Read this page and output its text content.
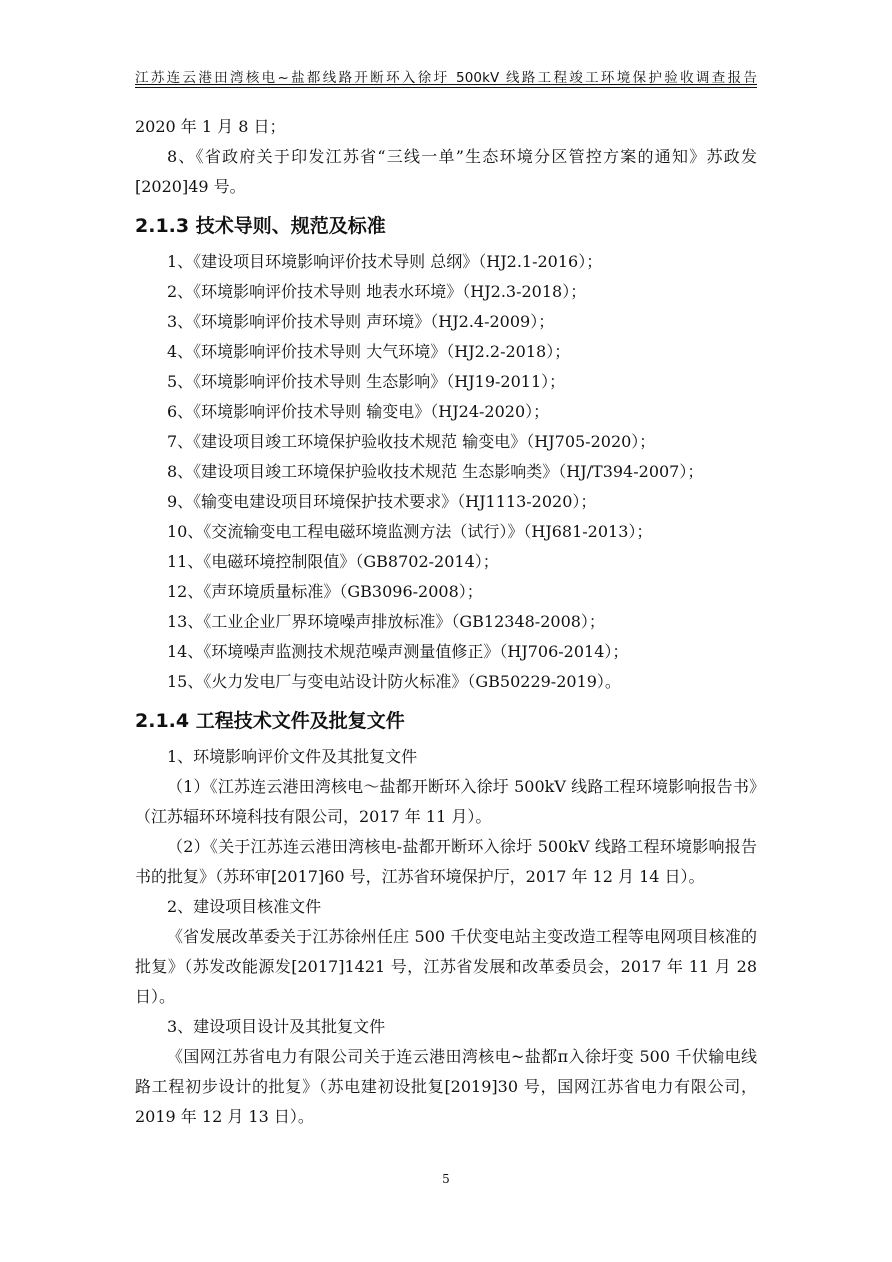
江苏连云港田湾核电~盐都线路开断环入徐圩 500kV 线路工程竣工环境保护验收调查报告

2020 年 1 月 8 日；

8、《省政府关于印发江苏省“三线一单”生态环境分区管控方案的通知》苏政发[2020]49 号。

2.1.3 技术导则、规范及标准

1、《建设项目环境影响评价技术导则 总纲》（HJ2.1-2016）；

2、《环境影响评价技术导则 地表水环境》（HJ2.3-2018）；

3、《环境影响评价技术导则 声环境》（HJ2.4-2009）；

4、《环境影响评价技术导则 大气环境》（HJ2.2-2018）；

5、《环境影响评价技术导则 生态影响》（HJ19-2011）；

6、《环境影响评价技术导则 输变电》（HJ24-2020）；

7、《建设项目竣工环境保护验收技术规范 输变电》（HJ705-2020）；

8、《建设项目竣工环境保护验收技术规范 生态影响类》（HJ/T394-2007）；

9、《输变电建设项目环境保护技术要求》（HJ1113-2020）；

10、《交流输变电工程电磁环境监测方法（试行）》（HJ681-2013）；

11、《电磁环境控制限值》（GB8702-2014）；

12、《声环境质量标准》（GB3096-2008）；

13、《工业企业厂界环境噪声排放标准》（GB12348-2008）；

14、《环境噪声监测技术规范噪声测量值修正》（HJ706-2014）；

15、《火力发电厂与变电站设计防火标准》（GB50229-2019）。

2.1.4 工程技术文件及批复文件

1、环境影响评价文件及其批复文件

（1）《江苏连云港田湾核电～盐都开断环入徐圩 500kV 线路工程环境影响报告书》（江苏辐环环境科技有限公司，2017 年 11 月）。

（2）《关于江苏连云港田湾核电-盐都开断环入徐圩 500kV 线路工程环境影响报告书的批复》（苏环审[2017]60 号，江苏省环境保护厅，2017 年 12 月 14 日）。

2、建设项目核准文件

《省发展改革委关于江苏徐州任庄 500 千伏变电站主变改造工程等电网项目核准的批复》（苏发改能源发[2017]1421 号，江苏省发展和改革委员会，2017 年 11 月 28 日）。

3、建设项目设计及其批复文件

《国网江苏省电力有限公司关于连云港田湾核电~盐都π入徐圩变 500 千伏输电线路工程初步设计的批复》（苏电建初设批复[2019]30 号，国网江苏省电力有限公司，2019 年 12 月 13 日）。

5
